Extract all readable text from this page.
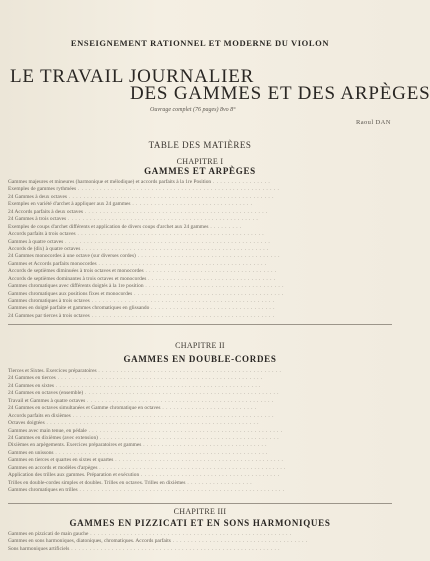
ENSEIGNEMENT RATIONNEL ET MODERNE DU VIOLON
LE TRAVAIL JOURNALIER
DES GAMMES ET DES ARPÈGES
Ouvrage complet (76 pages) 8vo 8°
Raoul DAN
TABLE DES MATIÈRES
CHAPITRE I
GAMMES ET ARPÈGES
Gammes majeures et mineures (harmonique et mélodique) et accords parfaits à la 1re Position . . . . . . . . . . . . . . . .
Exemples de gammes rythmées . . . . . . . . . . . . . . . . . . . . . . . . . . . . . . . . . . . . . . . . . . . . . . . . . . . . . . .
24 Gammes à deux octaves . . . . . . . . . . . . . . . . . . . . . . . . . . . . . . . . . . . . . . . . . . . . . . . . . . . . . . . .
Exemples en variété d'archet à appliquer aux 24 gammes . . . . . . . . . . . . . . . . . . . . . . . . . . . . . . . . .
24 Accords parfaits à deux octaves . . . . . . . . . . . . . . . . . . . . . . . . . . . . . . . . . . . . . . . . . . . . . . . . . .
24 Gammes à trois octaves . . . . . . . . . . . . . . . . . . . . . . . . . . . . . . . . . . . . . . . . . . . . . . . . . . . .
Exemples de coups d'archet différents et application de divers coups d'archet aux 24 gammes . . . . . . . . .
Accords parfaits à trois octaves . . . . . . . . . . . . . . . . . . . . . . . . . . . . . . . . . . . . . . . . . . . . . . . . . . .
Gammes à quatre octaves . . . . . . . . . . . . . . . . . . . . . . . . . . . . . . . . . . . . . . . . . . . . . . . . . . . . . . . .
Accords de (dix) à quatre octaves . . . . . . . . . . . . . . . . . . . . . . . . . . . . . . . . . . . . . . . . . . . . . . . . . . .
24 Gammes monocordes à une octave (sur diverses cordes) . . . . . . . . . . . . . . . . . . . . . . . . . . . . . . . . . . . . . . .
Gammes et Accords parfaits monocordes . . . . . . . . . . . . . . . . . . . . . . . . . . . . . . . . . . . . . . . . . . . . . .
Accords de septièmes diminuées à trois octaves et monocordes . . . . . . . . . . . . . . . . . . . . . . . . . . . . . . . . . . . .
Accords de septièmes dominantes à trois octaves et monocordes . . . . . . . . . . . . . . . . . . . . . . . . . . . . . . . . . . .
Gammes chromatiques avec différents doigtés à la 1re position . . . . . . . . . . . . . . . . . . . . . . . . . . . . . . . . . . . . . .
Gammes chromatiques aux positions fixes et monocordes . . . . . . . . . . . . . . . . . . . . . . . . . . . . . . . . . . . . . . . . .
Gammes chromatiques à trois octaves . . . . . . . . . . . . . . . . . . . . . . . . . . . . . . . . . . . . . . . . . . . . . . . . . .
Gammes en doigté parfaite et gammes chromatiques en glissando . . . . . . . . . . . . . . . . . . . . . . . . . . . . . . . . . .
24 Gammes par tierces à trois octaves . . . . . . . . . . . . . . . . . . . . . . . . . . . . . . . . . . . . . . . . . . . . . . . . . .
CHAPITRE II
GAMMES EN DOUBLE-CORDES
Tierces et Sixtes. Exercices préparatoires . . . . . . . . . . . . . . . . . . . . . . . . . . . . . . . . . . . . . . . . . . . . . . . . . .
24 Gammes en tierces . . . . . . . . . . . . . . . . . . . . . . . . . . . . . . . . . . . . . . . . . . . . . . . . . . . . . . . .
24 Gammes en sixtes . . . . . . . . . . . . . . . . . . . . . . . . . . . . . . . . . . . . . . . . . . . . . . . . . . . . . . . .
24 Gammes en octaves (ensemble) . . . . . . . . . . . . . . . . . . . . . . . . . . . . . . . . . . . . . . . . . . . . . . . . . . . . .
Travail et Gammes à quatre octaves . . . . . . . . . . . . . . . . . . . . . . . . . . . . . . . . . . . . . . . . . . . . . . . . . . .
24 Gammes en octaves simultanées et Gamme chromatique en octaves . . . . . . . . . . . . . . . . . . . . . . . . . .
Accords parfaits en dixièmes . . . . . . . . . . . . . . . . . . . . . . . . . . . . . . . . . . . . . . . . . . . . . . . . . . . . . . .
Octaves doigtées . . . . . . . . . . . . . . . . . . . . . . . . . . . . . . . . . . . . . . . . . . . . . . . . . . . . . . . . . .
Gammes avec main tenue, en pédale . . . . . . . . . . . . . . . . . . . . . . . . . . . . . . . . . . . . . . . . . . . . . . . . . . . . .
24 Gammes en dixièmes (avec extension) . . . . . . . . . . . . . . . . . . . . . . . . . . . . . . . . . . . . . . . . . . . . . . . . .
Dixièmes en arpègements. Exercices préparatoires et gammes . . . . . . . . . . . . . . . . . . . . . . . . . . . . . . . . . .
Gammes en unissons . . . . . . . . . . . . . . . . . . . . . . . . . . . . . . . . . . . . . . . . . . . . . . . . . . . . . . . . . .
Gammes en tierces et quartes en sixtes et quartes . . . . . . . . . . . . . . . . . . . . . . . . . . . . . . . . . . . . . . . . . . . . . .
Gammes en accords et modèles d'arpèges . . . . . . . . . . . . . . . . . . . . . . . . . . . . . . . . . . . . . . . . . . . . . . . . . . .
Application des trilles aux gammes. Préparation et exécution . . . . . . . . . . . . . . . . . . . . . . . . . . . . . . . . . . . . . .
Trilles en double-cordes simples et doubles. Trilles en octaves. Trilles en dixièmes . . . . . . . . . . . . . . . . . .
Gammes chromatiques en trilles . . . . . . . . . . . . . . . . . . . . . . . . . . . . . . . . . . . . . . . . . . . . . . . . . . . . . . . .
CHAPITRE III
GAMMES EN PIZZICATI ET EN SONS HARMONIQUES
Gammes en pizzicati de main gauche . . . . . . . . . . . . . . . . . . . . . . . . . . . . . . . . . . . . . . . . . . . . . . . . . . . . . . .
Gammes en sons harmoniques, diatoniques, chromatiques. Accords parfaits . . . . . . . . . . . . . . . . . . . . . . . . . . . . . . . . . . . . .
Sons harmoniques artificiels . . . . . . . . . . . . . . . . . . . . . . . . . . . . . . . . . . . . . . . . . . . . . . . . . . . . . . . . .
